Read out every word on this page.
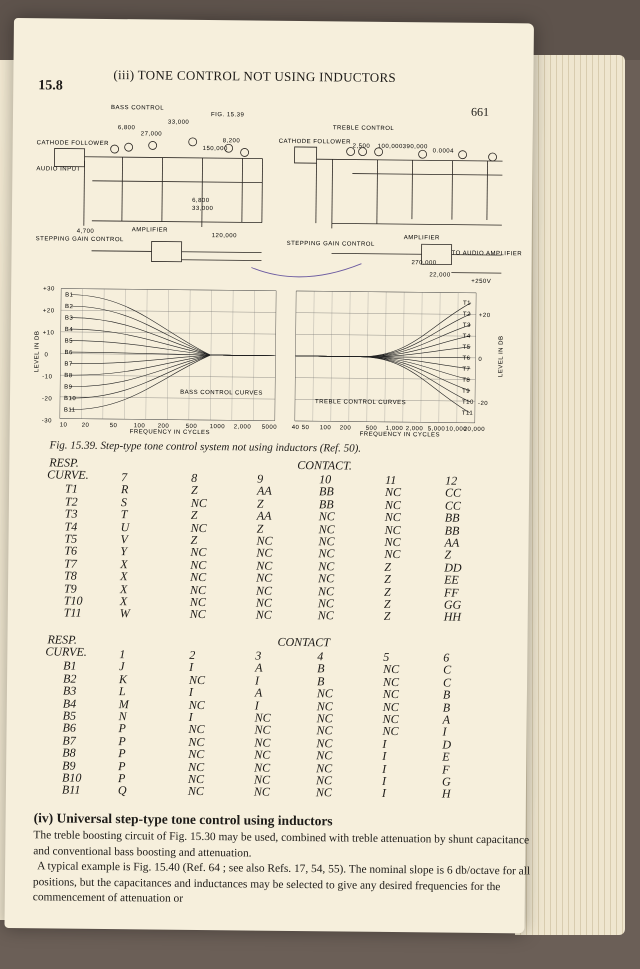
15.8
(iii) TONE CONTROL NOT USING INDUCTORS
661
BASS CONTROL
TREBLE CONTROL
FIG. 15.39
CATHODE FOLLOWER
AUDIO INPUT
STEPPING GAIN CONTROL
AMPLIFIER
6,800
33,000
27,000
150,000
8,200
4,700
120,000
6,800
33,000
CATHODE FOLLOWER
STEPPING GAIN CONTROL
AMPLIFIER
TO AUDIO AMPLIFIER
270,000
22,000
+250V
2,500 100,000 390,000
0.0004
B1
B2
B3
B4
B5
B6
B7
B8
B9
B10
B11
T1
T2
T3
T4
T5
T6
T7
T8
T9
T10
T11
+30
+20
+10
0
-10
-20
-30
+20
0
-20
BASS CONTROL CURVES
TREBLE CONTROL CURVES
FREQUENCY IN CYCLES	FREQUENCY IN CYCLES
LEVEL IN DB	LEVEL IN DB
10 20	50	100 200	500 1000 2,000 5000 40 50 100 200 500 1,000 2,000 5,000 10,000
20,000
Fig. 15.39. Step-type tone control system not using inductors (Ref. 50).
RESP.
CURVE.
CONTACT.
	7	8	9	10	11	12
T1	R	Z	AA	BB	NC	CC
T2	S	NC	Z	BB	NC	CC
T3	T	Z	AA	NC	NC	BB
T4	U	NC	Z	NC	NC	BB
T5	V	Z	NC	NC	NC	AA
T6	Y	NC	NC	NC	NC	Z
T7	X	NC	NC	NC	Z	DD
T8	X	NC	NC	NC	Z	EE
T9	X	NC	NC	NC	Z	FF
T10	X	NC	NC	NC	Z	GG
T11	W	NC	NC	NC	Z	HH
RESP.
CURVE.
CONTACT
	1	2	3	4	5	6
B1	J	I	A	B	NC	C
B2	K	NC	I	B	NC	C
B3	L	I	A	NC	NC	B
B4	M	NC	I	NC	NC	B
B5	N	I	NC	NC	NC	A
B6	P	NC	NC	NC	NC	I
B7	P	NC	NC	NC	I	D
B8	P	NC	NC	NC	I	E
B9	P	NC	NC	NC	I	F
B10	P	NC	NC	NC	I	G
B11	Q	NC	NC	NC	I	H
(iv) Universal step-type tone control using inductors
The treble boosting circuit of Fig. 15.30 may be used, combined with treble attenuation by shunt capacitance and conventional bass boosting and attenuation.
A typical example is Fig. 15.40 (Ref. 64 ; see also Refs. 17, 54, 55). The nominal slope is 6 db/octave for all positions, but the capacitances and inductances may be selected to give any desired frequencies for the commencement of attenuation or
